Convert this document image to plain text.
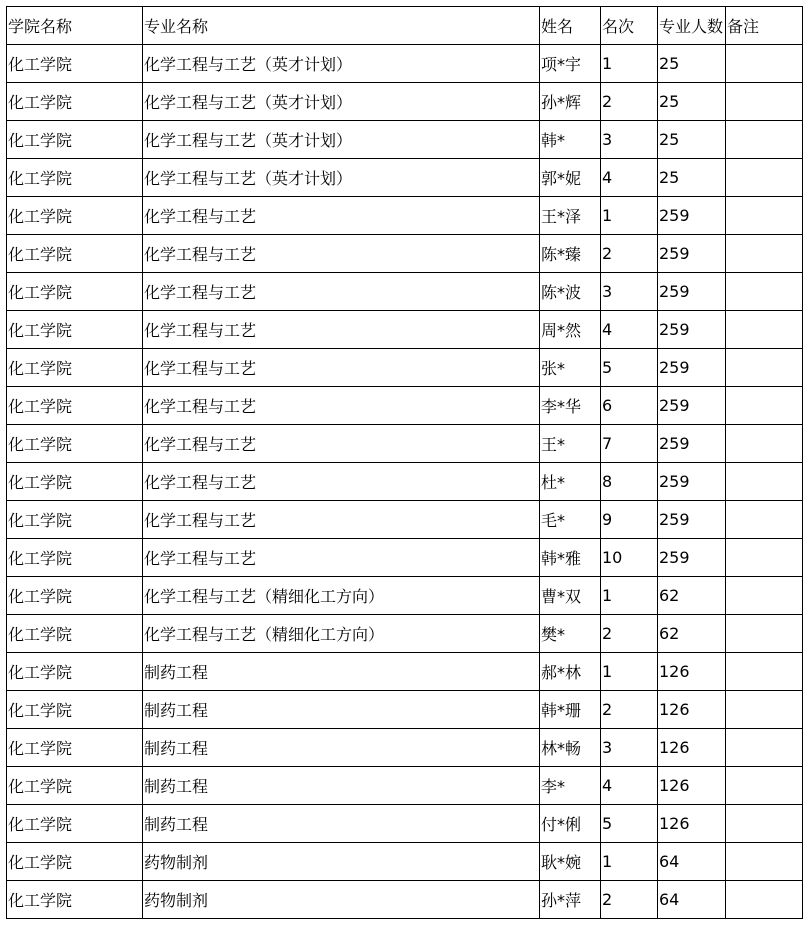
学院名称	专业名称	姓名	名次	专业人数	备注
化工学院	化学工程与工艺（英才计划）	项*宇	1	25	
化工学院	化学工程与工艺（英才计划）	孙*辉	2	25	
化工学院	化学工程与工艺（英才计划）	韩*	3	25	
化工学院	化学工程与工艺（英才计划）	郭*妮	4	25	
化工学院	化学工程与工艺	王*泽	1	259	
化工学院	化学工程与工艺	陈*臻	2	259	
化工学院	化学工程与工艺	陈*波	3	259	
化工学院	化学工程与工艺	周*然	4	259	
化工学院	化学工程与工艺	张*	5	259	
化工学院	化学工程与工艺	李*华	6	259	
化工学院	化学工程与工艺	王*	7	259	
化工学院	化学工程与工艺	杜*	8	259	
化工学院	化学工程与工艺	毛*	9	259	
化工学院	化学工程与工艺	韩*雅	10	259	
化工学院	化学工程与工艺（精细化工方向）	曹*双	1	62	
化工学院	化学工程与工艺（精细化工方向）	樊*	2	62	
化工学院	制药工程	郝*林	1	126	
化工学院	制药工程	韩*珊	2	126	
化工学院	制药工程	林*畅	3	126	
化工学院	制药工程	李*	4	126	
化工学院	制药工程	付*俐	5	126	
化工学院	药物制剂	耿*婉	1	64	
化工学院	药物制剂	孙*萍	2	64	
